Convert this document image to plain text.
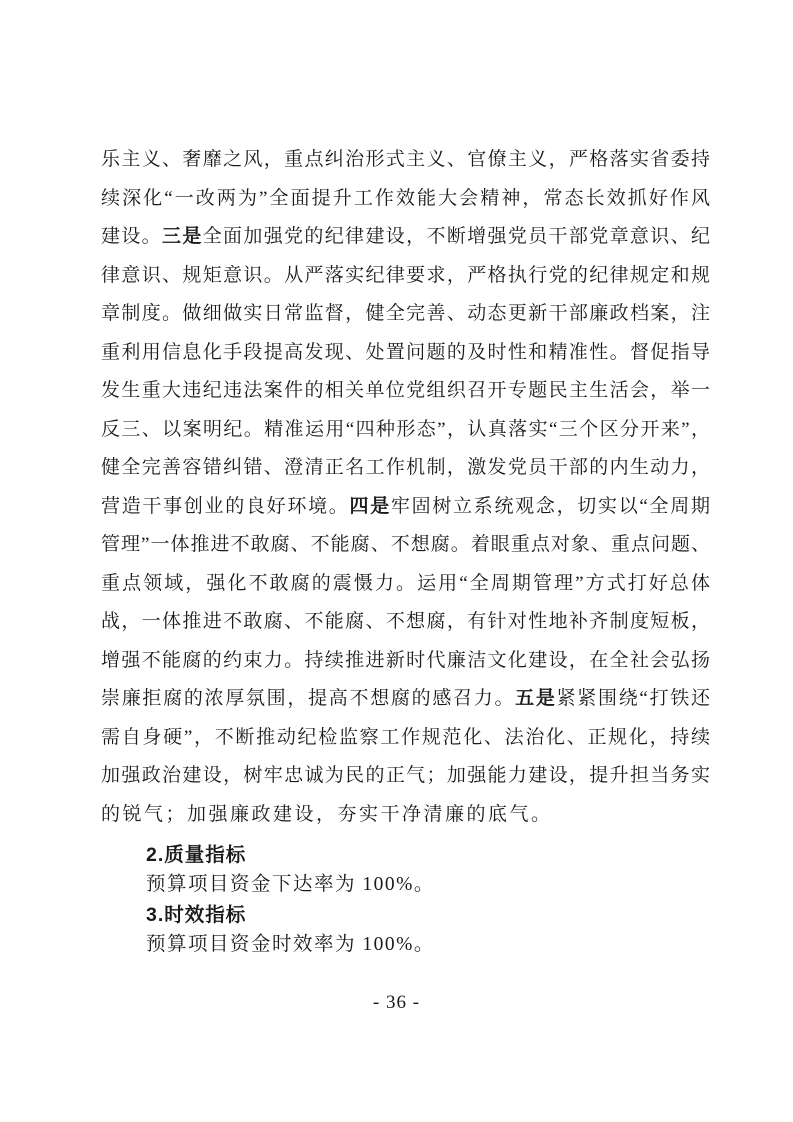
乐主义、奢靡之风，重点纠治形式主义、官僚主义，严格落实省委持
续深化“一改两为”全面提升工作效能大会精神，常态长效抓好作风
建设。三是全面加强党的纪律建设，不断增强党员干部党章意识、纪
律意识、规矩意识。从严落实纪律要求，严格执行党的纪律规定和规
章制度。做细做实日常监督，健全完善、动态更新干部廉政档案，注
重利用信息化手段提高发现、处置问题的及时性和精准性。督促指导
发生重大违纪违法案件的相关单位党组织召开专题民主生活会，举一
反三、以案明纪。精准运用“四种形态”，认真落实“三个区分开来”，
健全完善容错纠错、澄清正名工作机制，激发党员干部的内生动力，
营造干事创业的良好环境。四是牢固树立系统观念，切实以“全周期
管理”一体推进不敢腐、不能腐、不想腐。着眼重点对象、重点问题、
重点领域，强化不敢腐的震慑力。运用“全周期管理”方式打好总体
战，一体推进不敢腐、不能腐、不想腐，有针对性地补齐制度短板，
增强不能腐的约束力。持续推进新时代廉洁文化建设，在全社会弘扬
崇廉拒腐的浓厚氛围，提高不想腐的感召力。五是紧紧围绕“打铁还
需自身硬”，不断推动纪检监察工作规范化、法治化、正规化，持续
加强政治建设，树牢忠诚为民的正气；加强能力建设，提升担当务实
的锐气；加强廉政建设，夯实干净清廉的底气。
2.质量指标
预算项目资金下达率为 100%。
3.时效指标
预算项目资金时效率为 100%。
- 36 -
